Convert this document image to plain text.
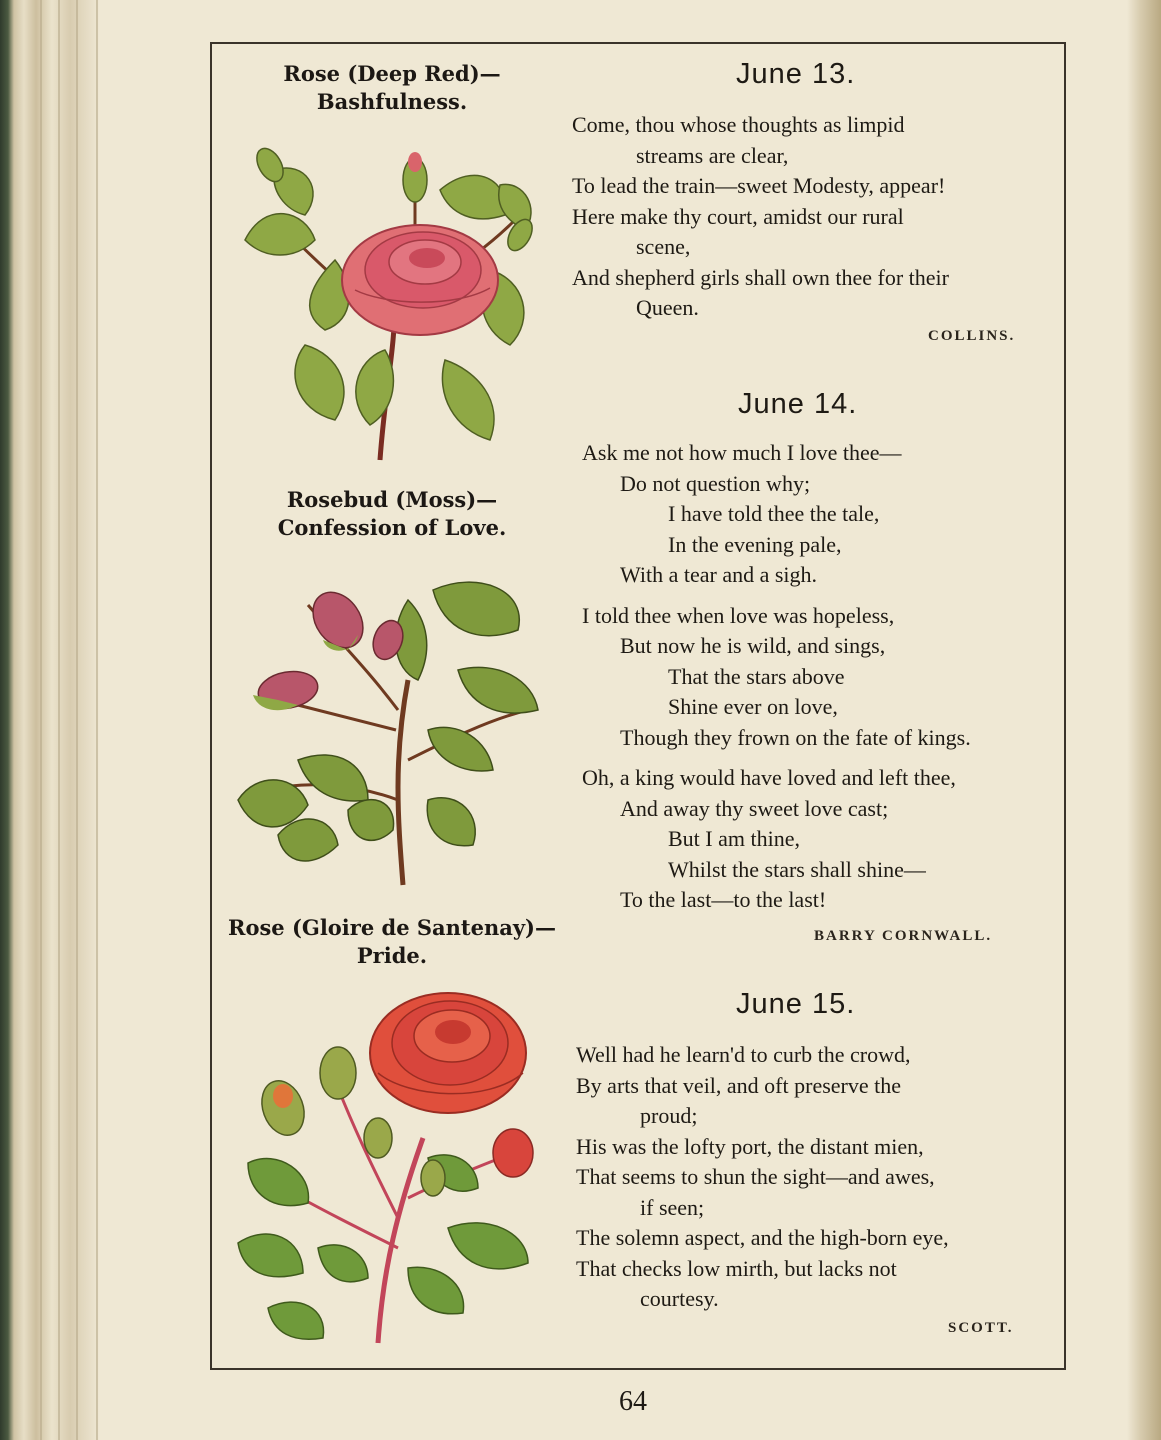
Rose (Deep Red)—
Bashfulness.
Rosebud (Moss)—
Confession of Love.
Rose (Gloire de Santenay)—
Pride.
June 13.
Come, thou whose thoughts as limpid
streams are clear,
To lead the train—sweet Modesty, appear!
Here make thy court, amidst our rural
scene,
And shepherd girls shall own thee for their
Queen.
COLLINS.
June 14.
Ask me not how much I love thee—
Do not question why;
I have told thee the tale,
In the evening pale,
With a tear and a sigh.
I told thee when love was hopeless,
But now he is wild, and sings,
That the stars above
Shine ever on love,
Though they frown on the fate of kings.
Oh, a king would have loved and left thee,
And away thy sweet love cast;
But I am thine,
Whilst the stars shall shine—
To the last—to the last!
BARRY CORNWALL.
June 15.
Well had he learn'd to curb the crowd,
By arts that veil, and oft preserve the
proud;
His was the lofty port, the distant mien,
That seems to shun the sight—and awes,
if seen;
The solemn aspect, and the high-born eye,
That checks low mirth, but lacks not
courtesy.
SCOTT.
64
